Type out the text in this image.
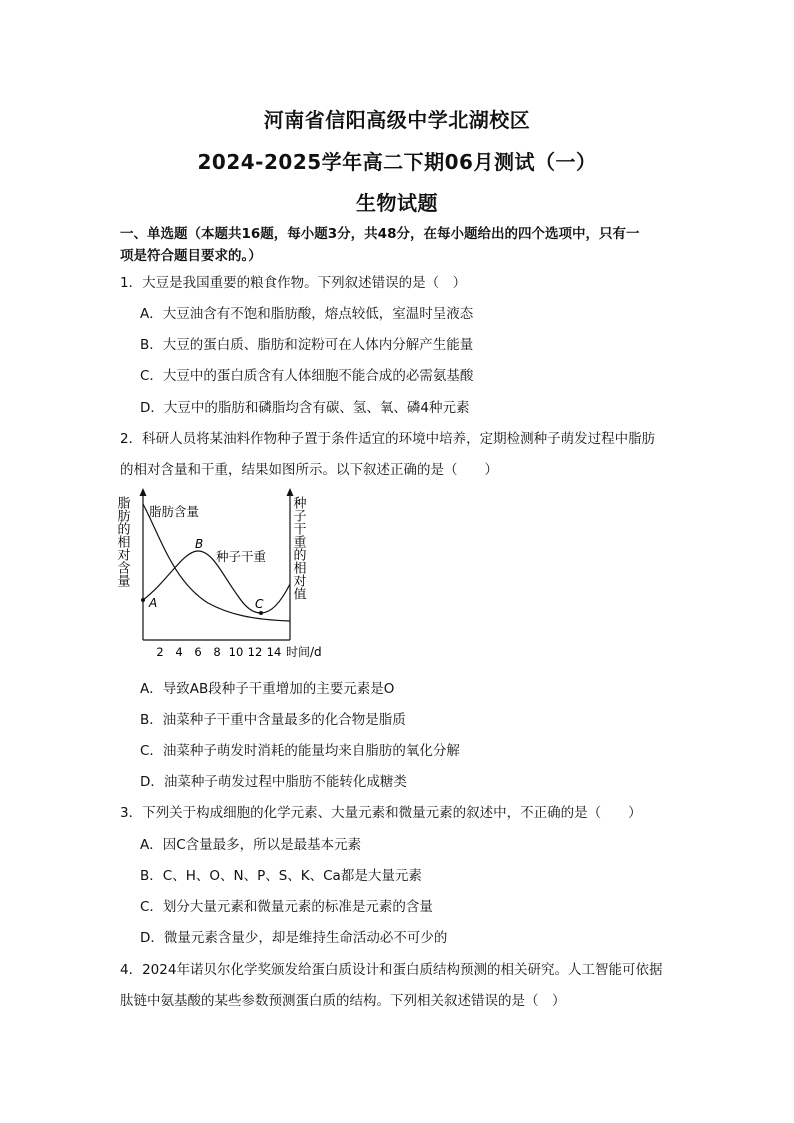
河南省信阳高级中学北湖校区
2024-2025学年高二下期06月测试（一）
生物试题
一、单选题（本题共16题，每小题3分，共48分，在每小题给出的四个选项中，只有一
项是符合题目要求的。）
1．大豆是我国重要的粮食作物。下列叙述错误的是（　）
A．大豆油含有不饱和脂肪酸，熔点较低，室温时呈液态
B．大豆的蛋白质、脂肪和淀粉可在人体内分解产生能量
C．大豆中的蛋白质含有人体细胞不能合成的必需氨基酸
D．大豆中的脂肪和磷脂均含有碳、氢、氧、磷4种元素
2．科研人员将某油料作物种子置于条件适宜的环境中培养，定期检测种子萌发过程中脂肪
的相对含量和干重，结果如图所示。以下叙述正确的是（　　）
A
B
C
脂肪含量
种子干重
脂肪的相对含量	种子干重的相对值
2 4 6 8 10 12 14 时间/d
A．导致AB段种子干重增加的主要元素是O
B．油菜种子干重中含量最多的化合物是脂质
C．油菜种子萌发时消耗的能量均来自脂肪的氧化分解
D．油菜种子萌发过程中脂肪不能转化成糖类
3．下列关于构成细胞的化学元素、大量元素和微量元素的叙述中，不正确的是（　　）
A．因C含量最多，所以是最基本元素
B．C、H、O、N、P、S、K、Ca都是大量元素
C．划分大量元素和微量元素的标准是元素的含量
D．微量元素含量少，却是维持生命活动必不可少的
4．2024年诺贝尔化学奖颁发给蛋白质设计和蛋白质结构预测的相关研究。人工智能可依据
肽链中氨基酸的某些参数预测蛋白质的结构。下列相关叙述错误的是（　）
